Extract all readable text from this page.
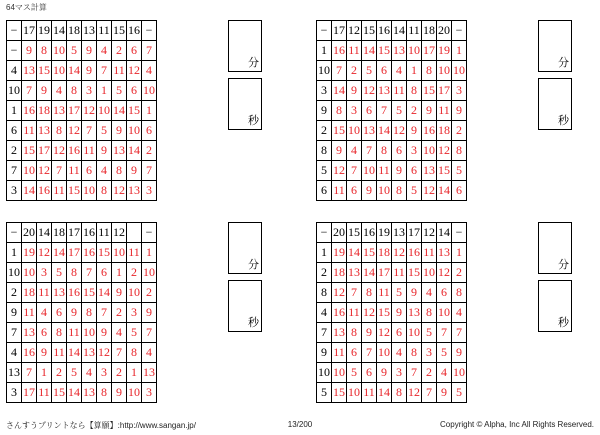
64マス計算
−	17	19	14	18	13	11	15	16	−
−	9	8	10	5	9	4	2	6	7
4	13	15	10	14	9	7	11	12	4
10	7	9	4	8	3	1	5	6	10
1	16	18	13	17	12	10	14	15	1
6	11	13	8	12	7	5	9	10	6
2	15	17	12	16	11	9	13	14	2
7	10	12	7	11	6	4	8	9	7
3	14	16	11	15	10	8	12	13	3
分
秒
−	17	12	15	16	14	11	18	20	−
1	16	11	14	15	13	10	17	19	1
10	7	2	5	6	4	1	8	10	10
3	14	9	12	13	11	8	15	17	3
9	8	3	6	7	5	2	9	11	9
2	15	10	13	14	12	9	16	18	2
8	9	4	7	8	6	3	10	12	8
5	12	7	10	11	9	6	13	15	5
6	11	6	9	10	8	5	12	14	6
分
秒
−	20	14	18	17	16	11	12		−
1	19	12	14	17	16	15	10	11	1
10	10	3	5	8	7	6	1	2	10
2	18	11	13	16	15	14	9	10	2
9	11	4	6	9	8	7	2	3	9
7	13	6	8	11	10	9	4	5	7
4	16	9	11	14	13	12	7	8	4
13	7	1	2	5	4	3	2	1	13
3	17	11	15	14	13	8	9	10	3
分
秒
−	20	15	16	19	13	17	12	14	−
1	19	14	15	18	12	16	11	13	1
2	18	13	14	17	11	15	10	12	2
8	12	7	8	11	5	9	4	6	8
4	16	11	12	15	9	13	8	10	4
7	13	8	9	12	6	10	5	7	7
9	11	6	7	10	4	8	3	5	9
10	10	5	6	9	3	7	2	4	10
5	15	10	11	14	8	12	7	9	5
分
秒
さんすうプリントなら【算願】:http://www.sangan.jp/	13/200	Copyright © Alpha, Inc All Rights Reserved.
